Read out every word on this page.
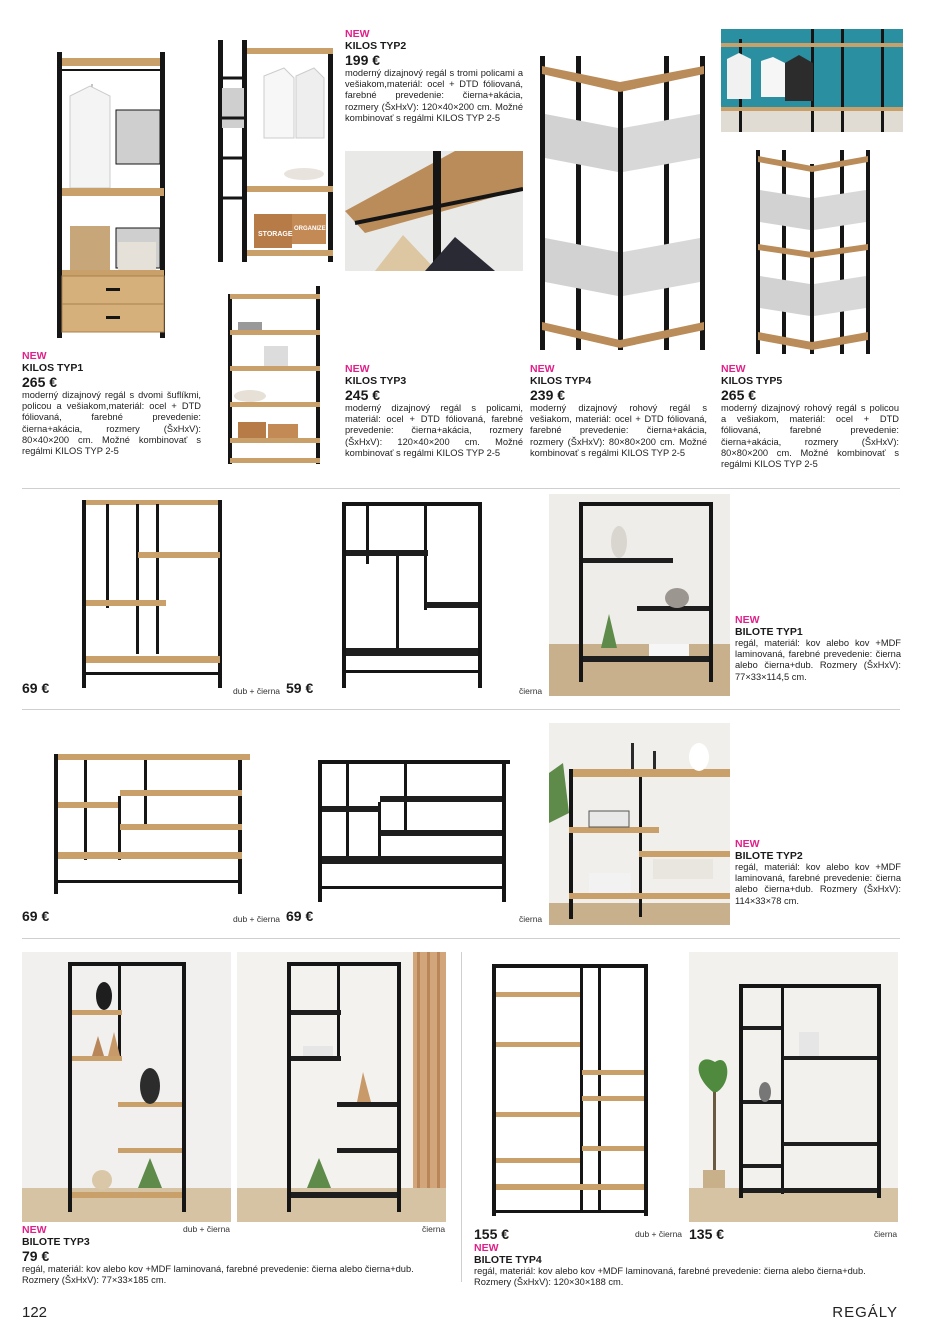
STORAGE
ORGANIZE
NEW
KILOS TYP2
199 €
moderný dizajnový regál s tromi policami a vešiakom,materiál: ocel + DTD fóliovaná, farebné prevedenie: čierna+akácia, rozmery (ŠxHxV): 120×40×200 cm. Možné kombinovať s regálmi KILOS TYP 2-5
NEW
KILOS TYP1
265 €
moderný dizajnový regál s dvomi šuflíkmi, policou a vešiakom,materiál: ocel + DTD fóliovaná, farebné prevedenie: čierna+akácia, rozmery (ŠxHxV): 80×40×200 cm. Možné kombinovať s regálmi KILOS TYP 2-5
NEW
KILOS TYP3
245 €
moderný dizajnový regál s policami, materiál: ocel + DTD fóliovaná, farebné prevedenie: čierna+akácia, rozmery (ŠxHxV): 120×40×200 cm. Možné kombinovať s regálmi KILOS TYP 2-5
NEW
KILOS TYP4
239 €
moderný dizajnový rohový regál s vešiakom, materiál: ocel + DTD fóliovaná, farebné prevedenie: čierna+akácia, rozmery (ŠxHxV): 80×80×200 cm. Možné kombinovať s regálmi KILOS TYP 2-5
NEW
KILOS TYP5
265 €
moderný dizajnový rohový regál s policou a vešiakom, materiál: ocel + DTD fóliovaná, farebné prevedenie: čierna+akácia, rozmery (ŠxHxV): 80×80×200 cm. Možné kombinovať s regálmi KILOS TYP 2-5
69 €	dub + čierna 59 €	čierna
NEW
BILOTE TYP1
regál, materiál: kov alebo kov +MDF laminovaná, farebné prevedenie: čierna alebo čierna+dub. Rozmery (ŠxHxV): 77×33×114,5 cm.
69 €	dub + čierna 69 €	čierna
NEW
BILOTE TYP2
regál, materiál: kov alebo kov +MDF laminovaná, farebné prevedenie: čierna alebo čierna+dub. Rozmery (ŠxHxV): 114×33×78 cm.
dub + čierna	čierna 155 €	dub + čierna 135 €	čierna
NEW
BILOTE TYP3
79 €
regál, materiál: kov alebo kov +MDF laminovaná, farebné prevedenie: čierna alebo čierna+dub. Rozmery (ŠxHxV): 77×33×185 cm.
NEW
BILOTE TYP4
regál, materiál: kov alebo kov +MDF laminovaná, farebné prevedenie: čierna alebo čierna+dub. Rozmery (ŠxHxV): 120×30×188 cm.
122	REGÁLY
